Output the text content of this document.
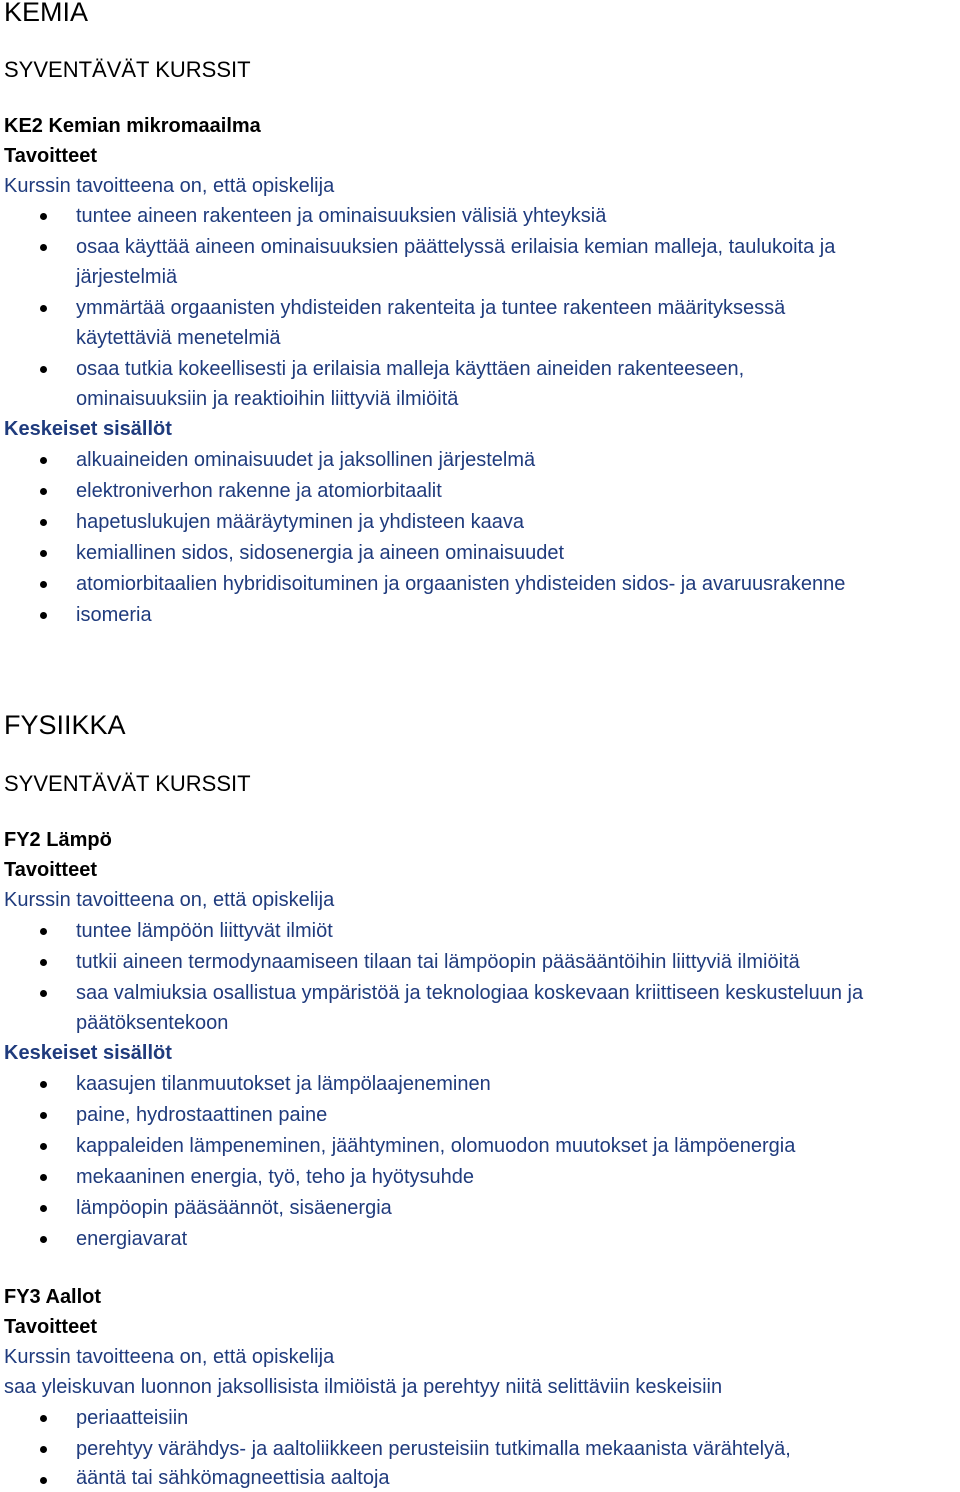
KEMIA
SYVENTÄVÄT KURSSIT
KE2 Kemian mikromaailma
Tavoitteet
Kurssin tavoitteena on, että opiskelija
tuntee aineen rakenteen ja ominaisuuksien välisiä yhteyksiä
osaa käyttää aineen ominaisuuksien päättelyssä erilaisia kemian malleja, taulukoita ja
järjestelmiä
ymmärtää orgaanisten yhdisteiden rakenteita ja tuntee rakenteen määrityksessä
käytettäviä menetelmiä
osaa tutkia kokeellisesti ja erilaisia malleja käyttäen aineiden rakenteeseen,
ominaisuuksiin ja reaktioihin liittyviä ilmiöitä
Keskeiset sisällöt
alkuaineiden ominaisuudet ja jaksollinen järjestelmä
elektroniverhon rakenne ja atomiorbitaalit
hapetuslukujen määräytyminen ja yhdisteen kaava
kemiallinen sidos, sidosenergia ja aineen ominaisuudet
atomiorbitaalien hybridisoituminen ja orgaanisten yhdisteiden sidos- ja avaruusrakenne
isomeria
FYSIIKKA
SYVENTÄVÄT KURSSIT
FY2 Lämpö
Tavoitteet
Kurssin tavoitteena on, että opiskelija
tuntee lämpöön liittyvät ilmiöt
tutkii aineen termodynaamiseen tilaan tai lämpöopin pääsääntöihin liittyviä ilmiöitä
saa valmiuksia osallistua ympäristöä ja teknologiaa koskevaan kriittiseen keskusteluun ja
päätöksentekoon
Keskeiset sisällöt
kaasujen tilanmuutokset ja lämpölaajeneminen
paine, hydrostaattinen paine
kappaleiden lämpeneminen, jäähtyminen, olomuodon muutokset ja lämpöenergia
mekaaninen energia, työ, teho ja hyötysuhde
lämpöopin pääsäännöt, sisäenergia
energiavarat
FY3 Aallot
Tavoitteet
Kurssin tavoitteena on, että opiskelija
saa yleiskuvan luonnon jaksollisista ilmiöistä ja perehtyy niitä selittäviin keskeisiin
periaatteisiin
perehtyy värähdys- ja aaltoliikkeen perusteisiin tutkimalla mekaanista värähtelyä,
ääntä tai sähkömagneettisia aaltoja
